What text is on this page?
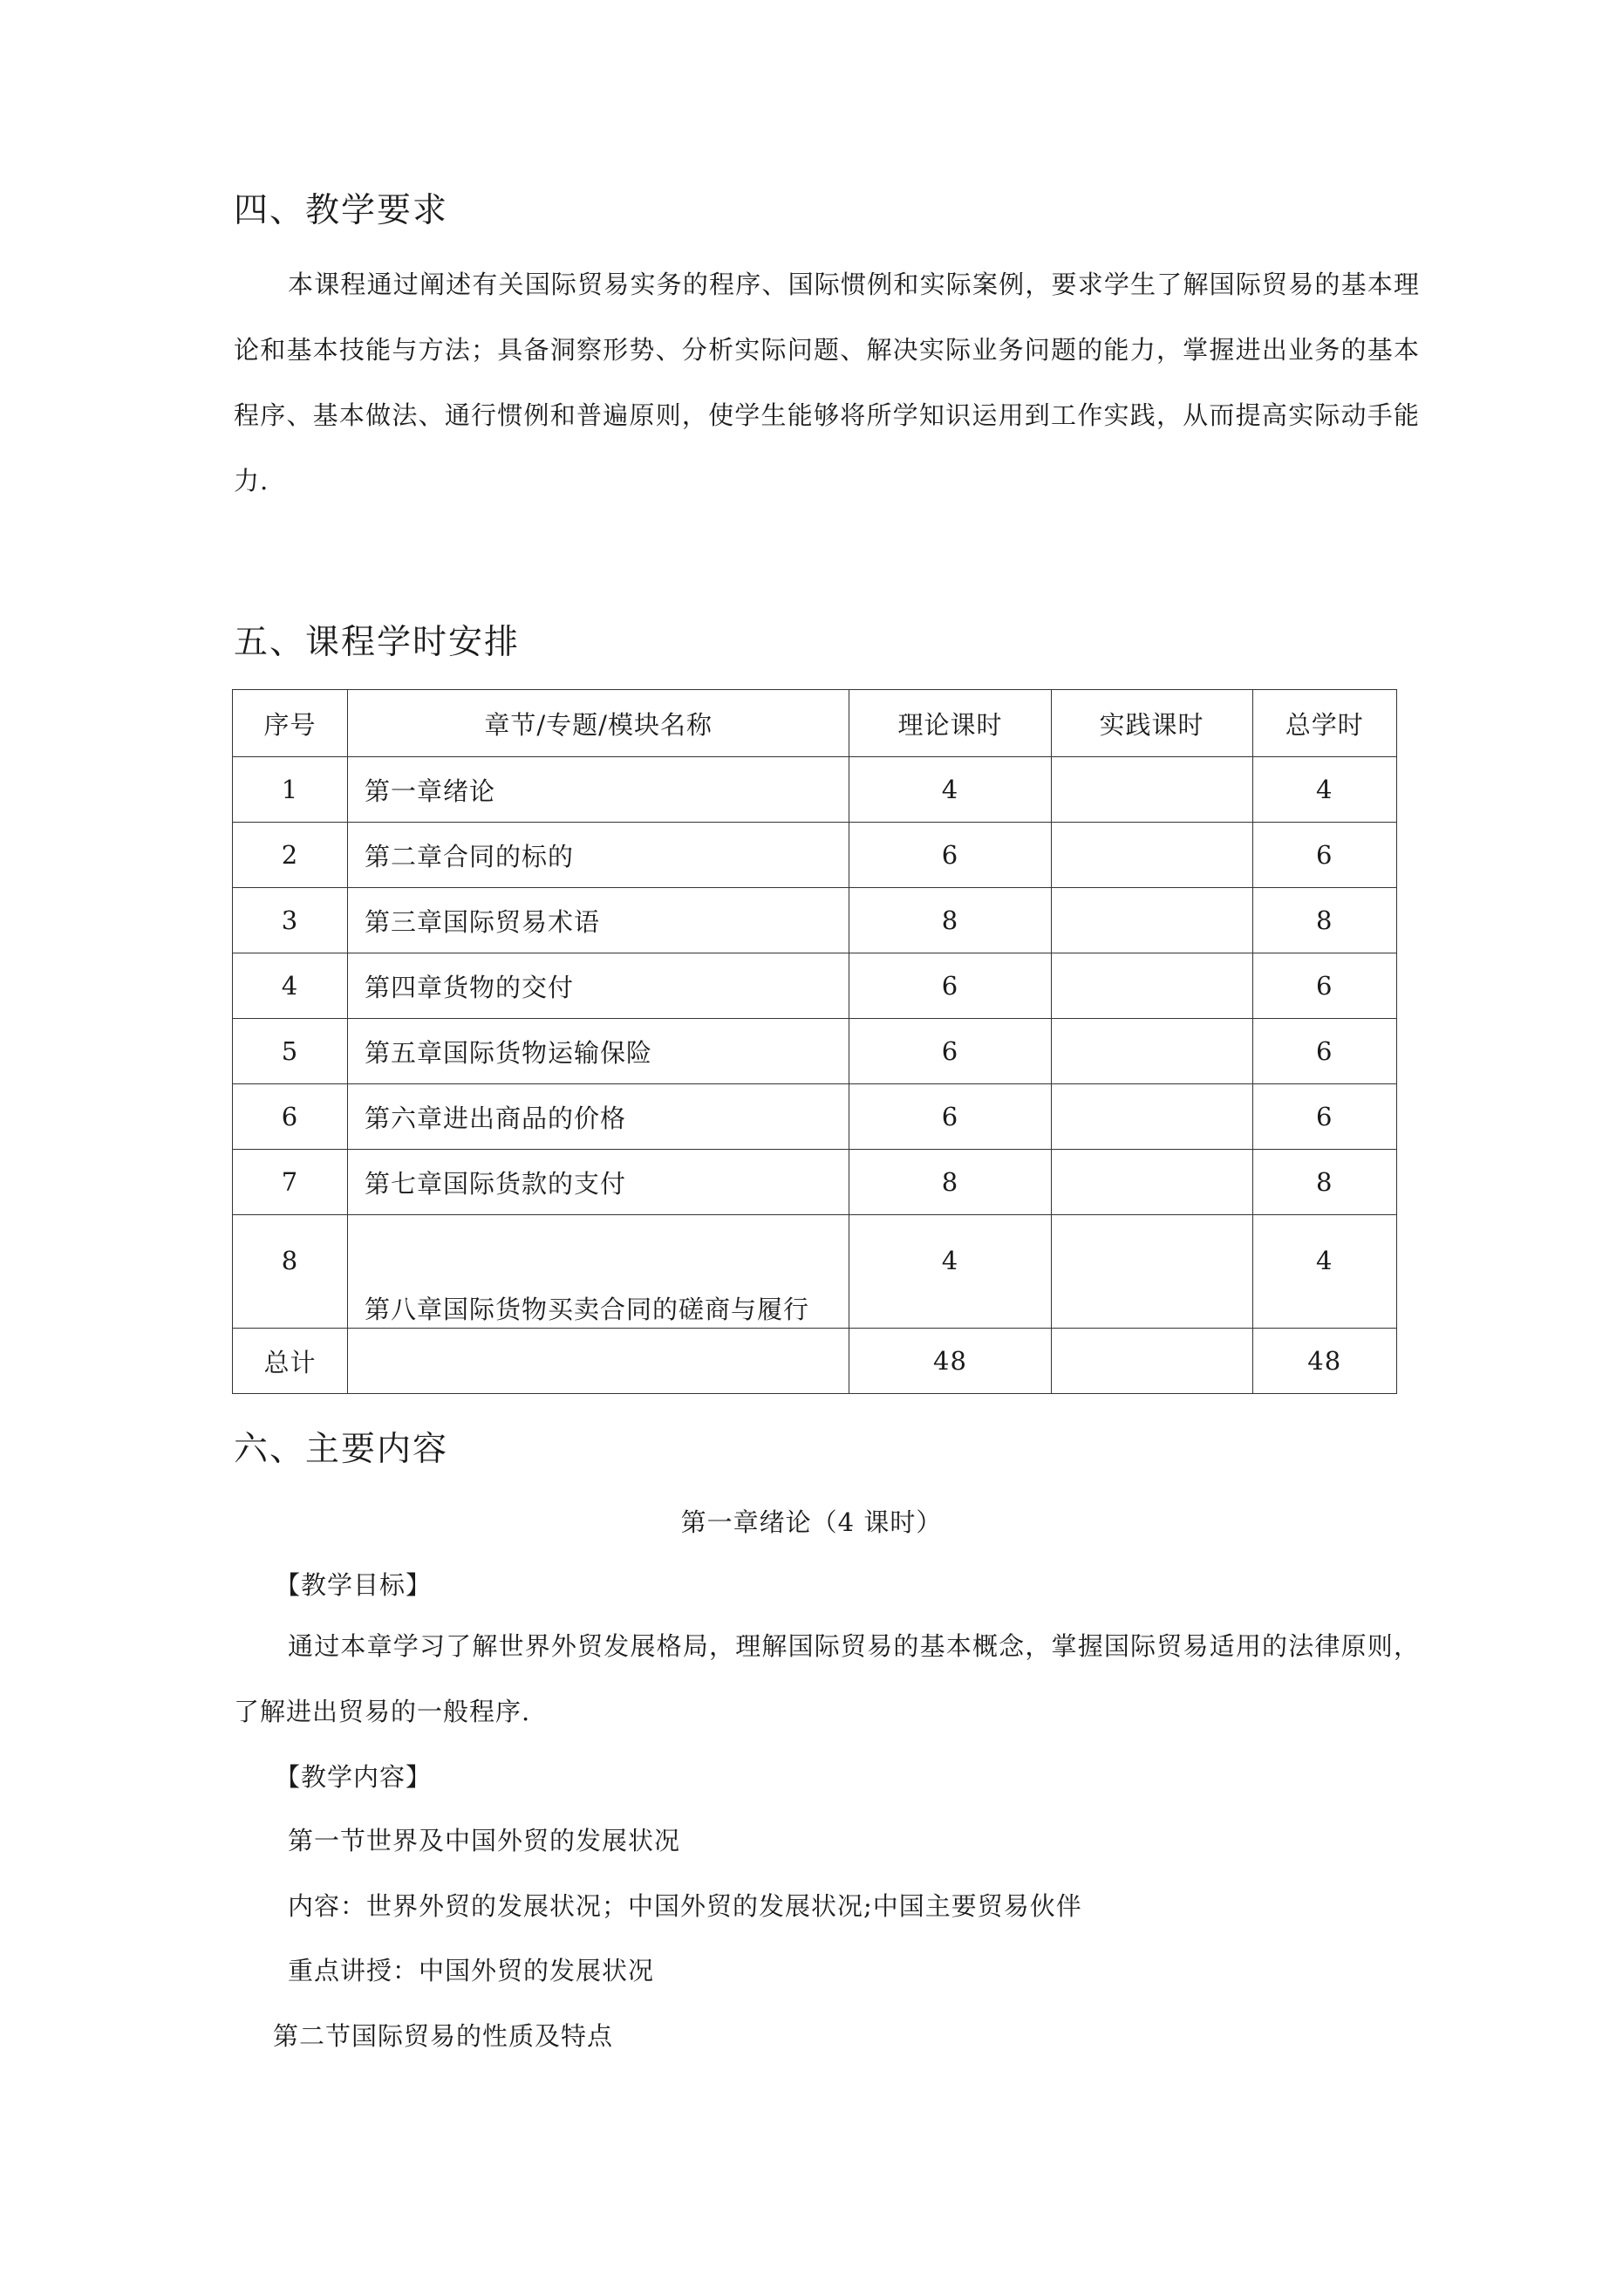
四、教学要求

本课程通过阐述有关国际贸易实务的程序、国际惯例和实际案例，要求学生了解国际贸易的基本理论和基本技能与方法；具备洞察形势、分析实际问题、解决实际业务问题的能力，掌握进出业务的基本程序、基本做法、通行惯例和普遍原则，使学生能够将所学知识运用到工作实践，从而提高实际动手能力.

五、课程学时安排
序号	章节/专题/模块名称	理论课时	实践课时	总学时
1	第一章绪论	4		4
2	第二章合同的标的	6		6
3	第三章国际贸易术语	8		8
4	第四章货物的交付	6		6
5	第五章国际货物运输保险	6		6
6	第六章进出商品的价格	6		6
7	第七章国际货款的支付	8		8
8	第八章国际货物买卖合同的磋商与履行	4		4
总计		48		48
六、主要内容

第一章绪论（4 课时）

【教学目标】

通过本章学习了解世界外贸发展格局，理解国际贸易的基本概念，掌握国际贸易适用的法律原则，了解进出贸易的一般程序.

【教学内容】

第一节世界及中国外贸的发展状况

内容：世界外贸的发展状况；中国外贸的发展状况;中国主要贸易伙伴

重点讲授：中国外贸的发展状况

第二节国际贸易的性质及特点
